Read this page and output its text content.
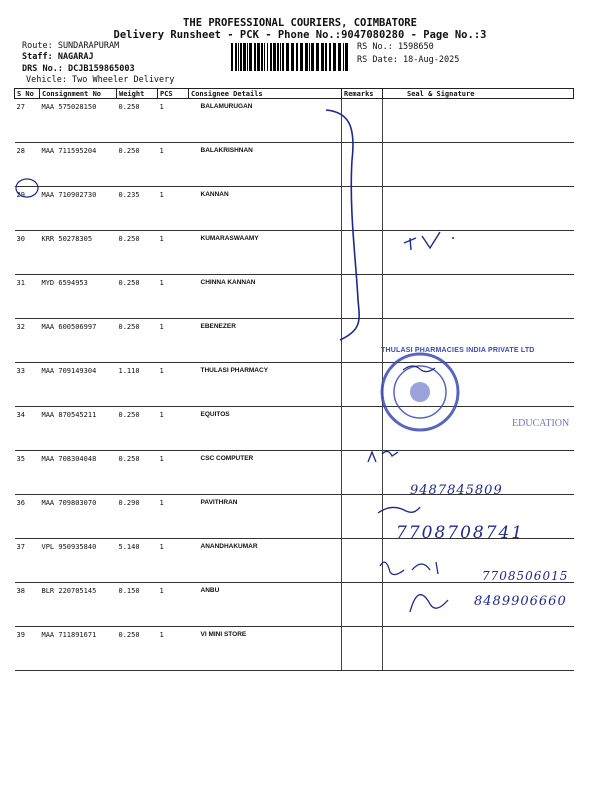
THE PROFESSIONAL COURIERS, COIMBATORE
Delivery Runsheet - PCK - Phone No.:9047080280 - Page No.:3
Route: SUNDARAPURAM
Staff: NAGARAJ
DRS No.: DCJB159865003
Vehicle: Two Wheeler Delivery
RS No.: 1598650
RS Date: 18-Aug-2025
S No	Consignment No	Weight	PCS	Consignee Details	Remarks	Seal & Signature
27	MAA 575028150	0.250	1	BALAMURUGAN		
28	MAA 711595204	0.250	1	BALAKRISHNAN		
29	MAA 710902730	0.235	1	KANNAN		
30	KRR 50278305	0.250	1	KUMARASWAAMY		
31	MYD 6594953	0.250	1	CHINNA KANNAN		
32	MAA 600506997	0.250	1	EBENEZER		
33	MAA 709149304	1.110	1	THULASI PHARMACY		
34	MAA 870545211	0.250	1	EQUITOS		
35	MAA 708304048	0.250	1	CSC COMPUTER		
36	MAA 709803070	0.290	1	PAVITHRAN		
37	VPL 950935840	5.140	1	ANANDHAKUMAR		
38	BLR 220705145	0.150	1	ANBU		
39	MAA 711891671	0.250	1	VI MINI STORE		
THULASI PHARMACIES INDIA PRIVATE LTD
EDUCATION
9487845809
7708708741
7708506015
8489906660
